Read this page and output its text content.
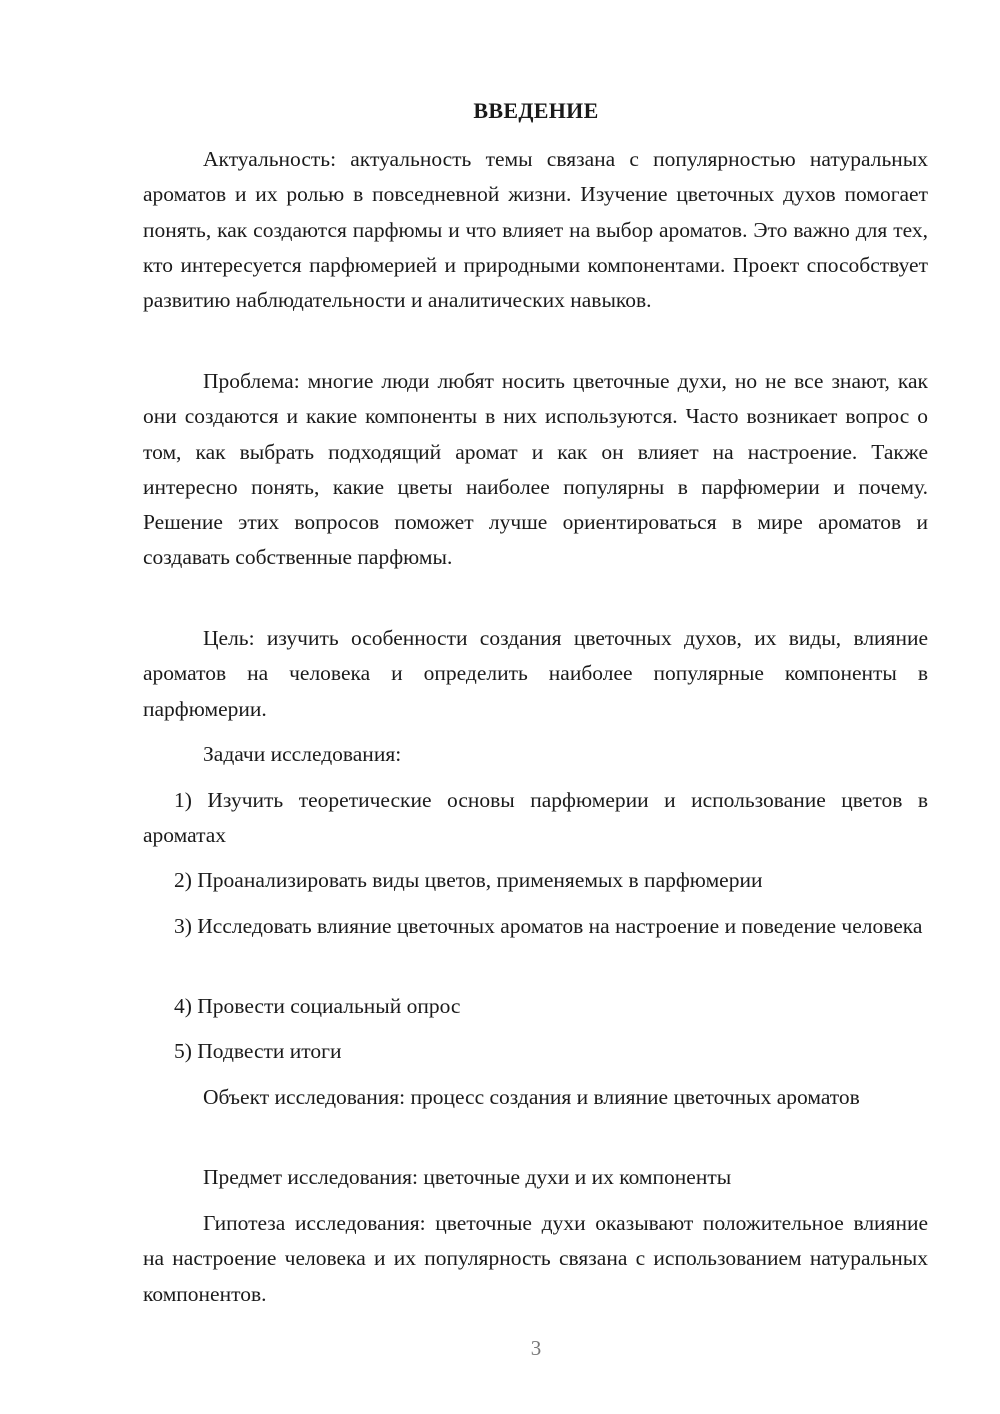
ВВЕДЕНИЕ

Актуальность: актуальность темы связана с популярностью натуральных ароматов и их ролью в повседневной жизни. Изучение цветочных духов помогает понять, как создаются парфюмы и что влияет на выбор ароматов. Это важно для тех, кто интересуется парфюмерией и природными компонентами. Проект способствует развитию наблюдательности и аналитических навыков.

Проблема: многие люди любят носить цветочные духи, но не все знают, как они создаются и какие компоненты в них используются. Часто возникает вопрос о том, как выбрать подходящий аромат и как он влияет на настроение. Также интересно понять, какие цветы наиболее популярны в парфюмерии и почему. Решение этих вопросов поможет лучше ориентироваться в мире ароматов и создавать собственные парфюмы.

Цель: изучить особенности создания цветочных духов, их виды, влияние ароматов на человека и определить наиболее популярные компоненты в парфюмерии.

Задачи исследования:

1) Изучить теоретические основы парфюмерии и использование цветов в ароматах

2) Проанализировать виды цветов, применяемых в парфюмерии

3) Исследовать влияние цветочных ароматов на настроение и поведение человека

4) Провести социальный опрос

5) Подвести итоги

Объект исследования: процесс создания и влияние цветочных ароматов

Предмет исследования: цветочные духи и их компоненты

Гипотеза исследования: цветочные духи оказывают положительное влияние на настроение человека и их популярность связана с использованием натуральных компонентов.

3
